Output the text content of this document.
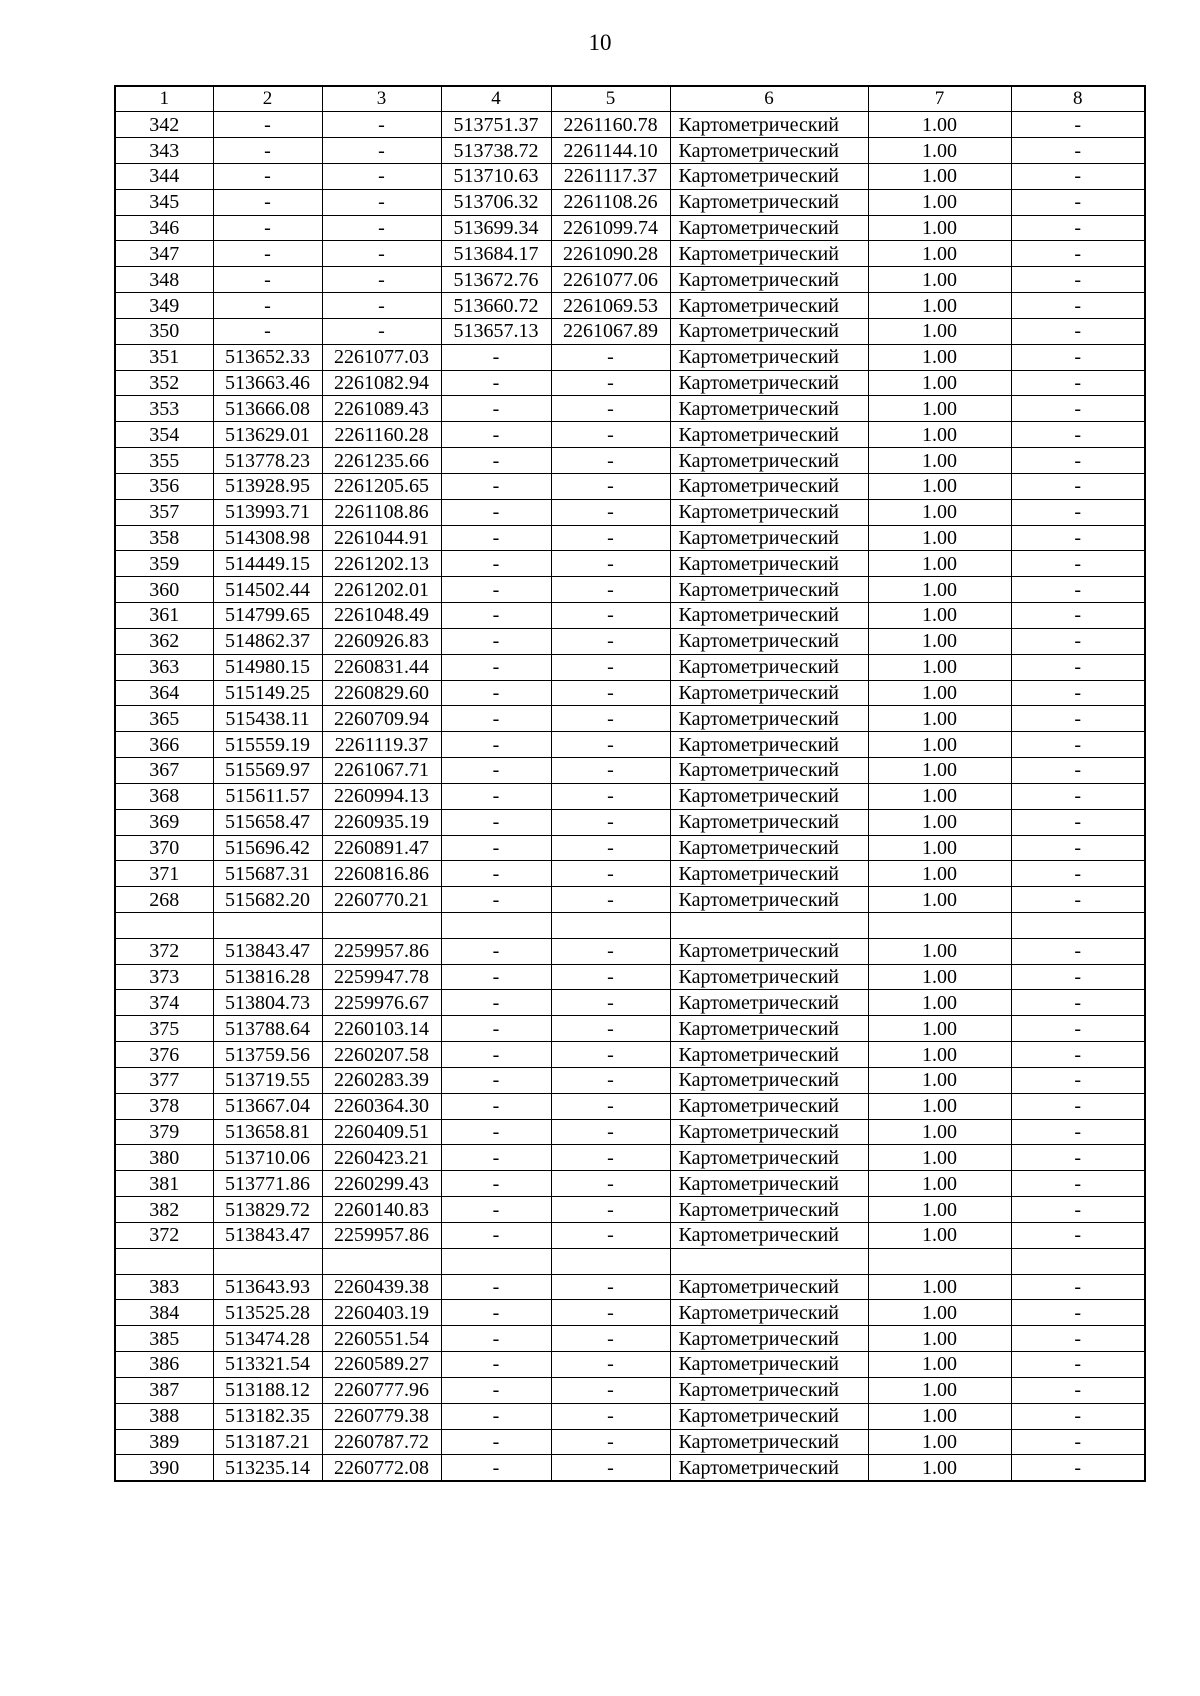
10
1	2	3	4	5	6	7	8
342	-	-	513751.37	2261160.78	Картометрический	1.00	-
343	-	-	513738.72	2261144.10	Картометрический	1.00	-
344	-	-	513710.63	2261117.37	Картометрический	1.00	-
345	-	-	513706.32	2261108.26	Картометрический	1.00	-
346	-	-	513699.34	2261099.74	Картометрический	1.00	-
347	-	-	513684.17	2261090.28	Картометрический	1.00	-
348	-	-	513672.76	2261077.06	Картометрический	1.00	-
349	-	-	513660.72	2261069.53	Картометрический	1.00	-
350	-	-	513657.13	2261067.89	Картометрический	1.00	-
351	513652.33	2261077.03	-	-	Картометрический	1.00	-
352	513663.46	2261082.94	-	-	Картометрический	1.00	-
353	513666.08	2261089.43	-	-	Картометрический	1.00	-
354	513629.01	2261160.28	-	-	Картометрический	1.00	-
355	513778.23	2261235.66	-	-	Картометрический	1.00	-
356	513928.95	2261205.65	-	-	Картометрический	1.00	-
357	513993.71	2261108.86	-	-	Картометрический	1.00	-
358	514308.98	2261044.91	-	-	Картометрический	1.00	-
359	514449.15	2261202.13	-	-	Картометрический	1.00	-
360	514502.44	2261202.01	-	-	Картометрический	1.00	-
361	514799.65	2261048.49	-	-	Картометрический	1.00	-
362	514862.37	2260926.83	-	-	Картометрический	1.00	-
363	514980.15	2260831.44	-	-	Картометрический	1.00	-
364	515149.25	2260829.60	-	-	Картометрический	1.00	-
365	515438.11	2260709.94	-	-	Картометрический	1.00	-
366	515559.19	2261119.37	-	-	Картометрический	1.00	-
367	515569.97	2261067.71	-	-	Картометрический	1.00	-
368	515611.57	2260994.13	-	-	Картометрический	1.00	-
369	515658.47	2260935.19	-	-	Картометрический	1.00	-
370	515696.42	2260891.47	-	-	Картометрический	1.00	-
371	515687.31	2260816.86	-	-	Картометрический	1.00	-
268	515682.20	2260770.21	-	-	Картометрический	1.00	-

372	513843.47	2259957.86	-	-	Картометрический	1.00	-
373	513816.28	2259947.78	-	-	Картометрический	1.00	-
374	513804.73	2259976.67	-	-	Картометрический	1.00	-
375	513788.64	2260103.14	-	-	Картометрический	1.00	-
376	513759.56	2260207.58	-	-	Картометрический	1.00	-
377	513719.55	2260283.39	-	-	Картометрический	1.00	-
378	513667.04	2260364.30	-	-	Картометрический	1.00	-
379	513658.81	2260409.51	-	-	Картометрический	1.00	-
380	513710.06	2260423.21	-	-	Картометрический	1.00	-
381	513771.86	2260299.43	-	-	Картометрический	1.00	-
382	513829.72	2260140.83	-	-	Картометрический	1.00	-
372	513843.47	2259957.86	-	-	Картометрический	1.00	-

383	513643.93	2260439.38	-	-	Картометрический	1.00	-
384	513525.28	2260403.19	-	-	Картометрический	1.00	-
385	513474.28	2260551.54	-	-	Картометрический	1.00	-
386	513321.54	2260589.27	-	-	Картометрический	1.00	-
387	513188.12	2260777.96	-	-	Картометрический	1.00	-
388	513182.35	2260779.38	-	-	Картометрический	1.00	-
389	513187.21	2260787.72	-	-	Картометрический	1.00	-
390	513235.14	2260772.08	-	-	Картометрический	1.00	-
